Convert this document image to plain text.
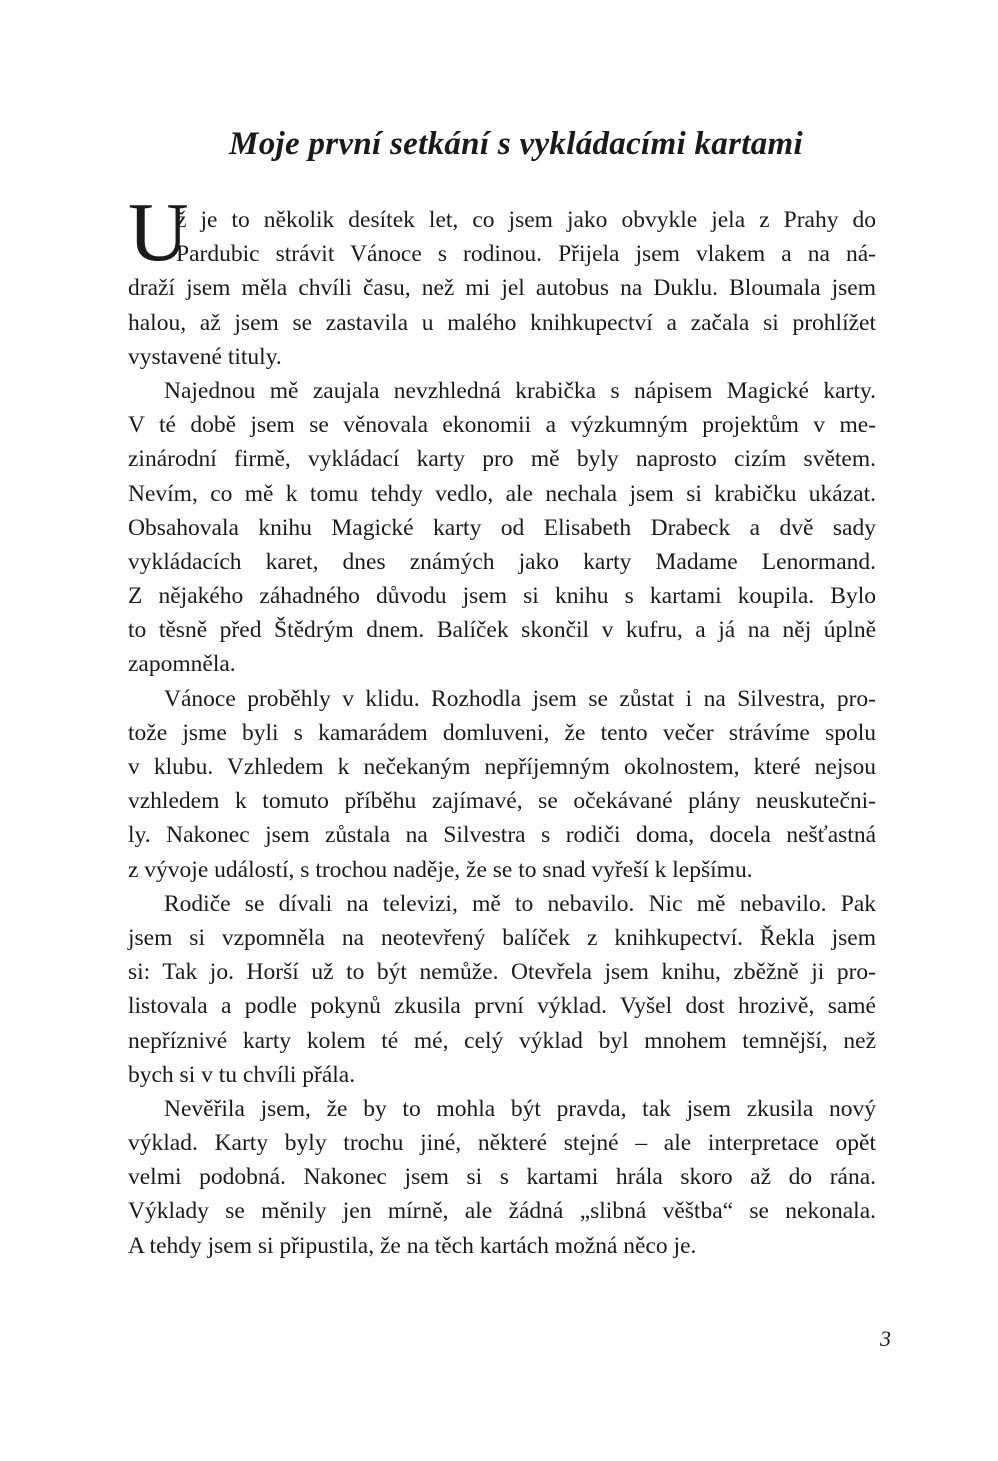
Moje první setkání s vykládacími kartami
U
ž je to několik desítek let, co jsem jako obvykle jela z Prahy do
Pardubic strávit Vánoce s rodinou. Přijela jsem vlakem a na ná-
draží jsem měla chvíli času, než mi jel autobus na Duklu. Bloumala jsem
halou, až jsem se zastavila u malého knihkupectví a začala si prohlížet
vystavené tituly.
Najednou mě zaujala nevzhledná krabička s nápisem Magické karty.
V té době jsem se věnovala ekonomii a výzkumným projektům v me-
zinárodní firmě, vykládací karty pro mě byly naprosto cizím světem.
Nevím, co mě k tomu tehdy vedlo, ale nechala jsem si krabičku ukázat.
Obsahovala knihu Magické karty od Elisabeth Drabeck a dvě sady
vykládacích karet, dnes známých jako karty Madame Lenormand.
Z nějakého záhadného důvodu jsem si knihu s kartami koupila. Bylo
to těsně před Štědrým dnem. Balíček skončil v kufru, a já na něj úplně
zapomněla.
Vánoce proběhly v klidu. Rozhodla jsem se zůstat i na Silvestra, pro-
tože jsme byli s kamarádem domluveni, že tento večer strávíme spolu
v klubu. Vzhledem k nečekaným nepříjemným okolnostem, které nejsou
vzhledem k tomuto příběhu zajímavé, se očekávané plány neuskutečni-
ly. Nakonec jsem zůstala na Silvestra s rodiči doma, docela nešťastná
z vývoje událostí, s trochou naděje, že se to snad vyřeší k lepšímu.
Rodiče se dívali na televizi, mě to nebavilo. Nic mě nebavilo. Pak
jsem si vzpomněla na neotevřený balíček z knihkupectví. Řekla jsem
si: Tak jo. Horší už to být nemůže. Otevřela jsem knihu, zběžně ji pro-
listovala a podle pokynů zkusila první výklad. Vyšel dost hrozivě, samé
nepříznivé karty kolem té mé, celý výklad byl mnohem temnější, než
bych si v tu chvíli přála.
Nevěřila jsem, že by to mohla být pravda, tak jsem zkusila nový
výklad. Karty byly trochu jiné, některé stejné – ale interpretace opět
velmi podobná. Nakonec jsem si s kartami hrála skoro až do rána.
Výklady se měnily jen mírně, ale žádná „slibná věštba“ se nekonala.
A tehdy jsem si připustila, že na těch kartách možná něco je.
3
